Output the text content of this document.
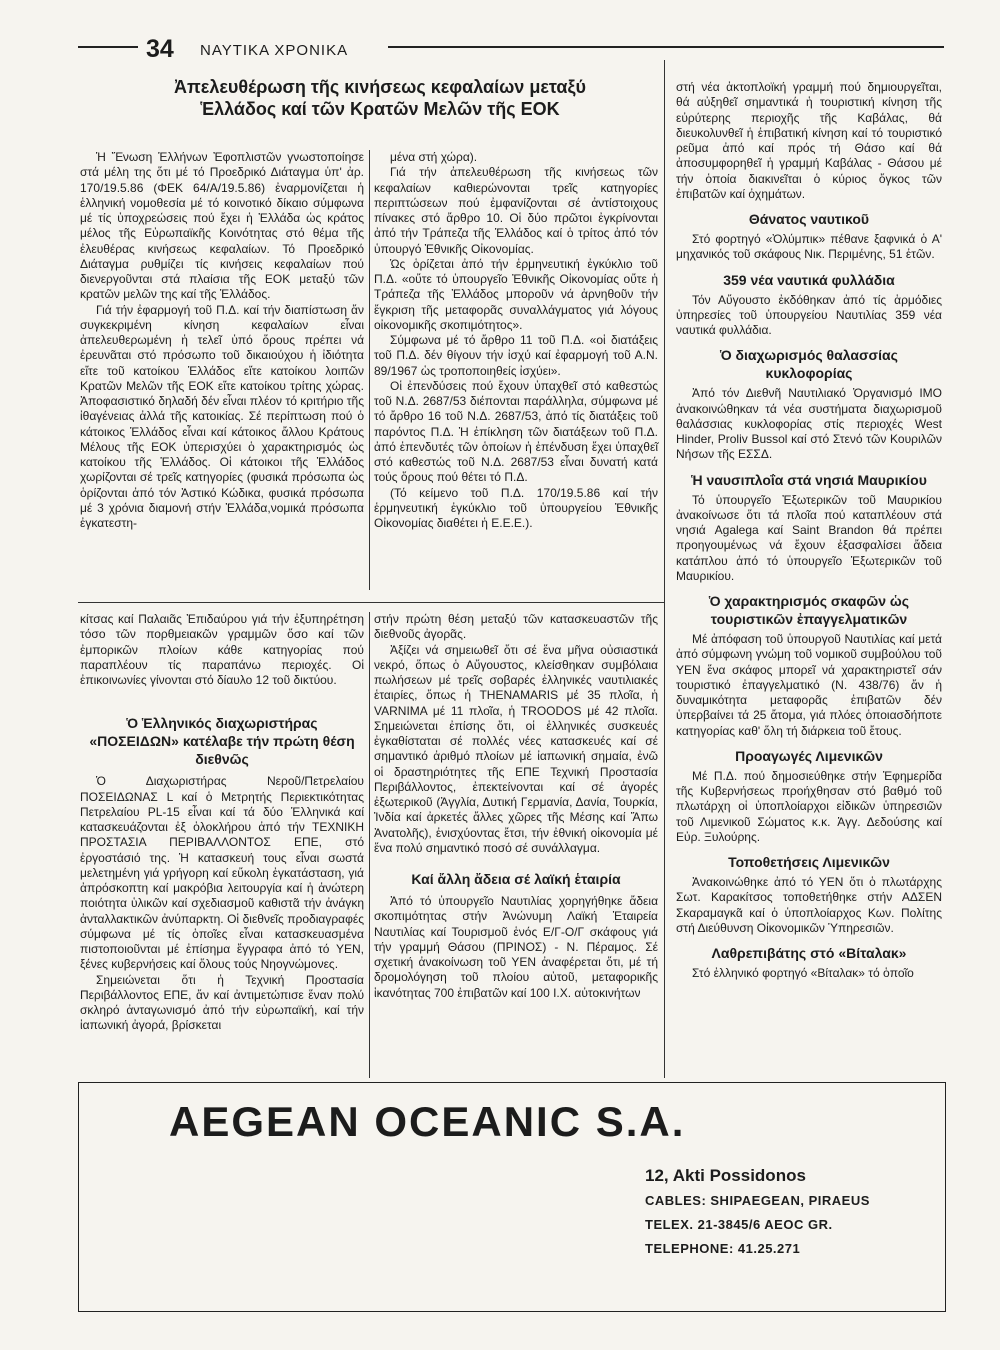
34 ΝΑΥΤΙΚΑ ΧΡΟΝΙΚΑ
Ἀπελευθέρωση τῆς κινήσεως κεφαλαίων μεταξύ Ἑλλάδος καί τῶν Κρατῶν Μελῶν τῆς ΕΟΚ

Ἡ Ἕνωση Ἑλλήνων Ἐφοπλιστῶν γνωστοποίησε στά μέλη της ὅτι μέ τό Προεδρικό Διάταγμα ὑπ' ἀρ. 170/19.5.86 (ΦΕΚ 64/Α/19.5.86) ἐναρμονίζεται ἡ ἑλληνική νομοθεσία μέ τό κοινοτικό δίκαιο σύμφωνα μέ τίς ὑποχρεώσεις πού ἔχει ἡ Ἑλλάδα ὡς κράτος μέλος τῆς Εὐρωπαϊκῆς Κοινότητας στό θέμα τῆς ἐλευθέρας κινήσεως κεφαλαίων. Τό Προεδρικό Διάταγμα ρυθμίζει τίς κινήσεις κεφαλαίων πού διενεργοῦνται στά πλαίσια τῆς ΕΟΚ μεταξύ τῶν κρατῶν μελῶν της καί τῆς Ἑλλάδος.

Γιά τήν ἐφαρμογή τοῦ Π.Δ. καί τήν διαπίστωση ἄν συγκεκριμένη κίνηση κεφαλαίων εἶναι ἀπελευθερωμένη ἡ τελεῖ ὑπό ὅρους πρέπει νά ἐρευνᾶται στό πρόσωπο τοῦ δικαιούχου ἡ ἰδιότητα εἴτε τοῦ κατοίκου Ἑλλάδος εἴτε κατοίκου λοιπῶν Κρατῶν Μελῶν τῆς ΕΟΚ εἴτε κατοίκου τρίτης χώρας. Ἀποφασιστικό δηλαδή δέν εἶναι πλέον τό κριτήριο τῆς ἰθαγένειας ἀλλά τῆς κατοικίας. Σέ περίπτωση πού ὁ κάτοικος Ἑλλάδος εἶναι καί κάτοικος ἄλλου Κράτους Μέλους τῆς ΕΟΚ ὑπερισχύει ὁ χαρακτηρισμός ὡς κατοίκου τῆς Ἑλλάδος. Οἱ κάτοικοι τῆς Ἑλλάδος χωρίζονται σέ τρεῖς κατηγορίες (φυσικά πρόσωπα ὡς ὁρίζονται ἀπό τόν Ἀστικό Κώδικα, φυσικά πρόσωπα μέ 3 χρόνια διαμονή στήν Ἑλλάδα,νομικά πρόσωπα ἐγκατεστη-

μένα στή χώρα).

Γιά τήν ἀπελευθέρωση τῆς κινήσεως τῶν κεφαλαίων καθιερώνονται τρεῖς κατηγορίες περιπτώσεων πού ἐμφανίζονται σέ ἀντίστοιχους πίνακες στό ἄρθρο 10. Οἱ δύο πρῶτοι ἐγκρίνονται ἀπό τήν Τράπεζα τῆς Ἑλλάδος καί ὁ τρίτος ἀπό τόν ὑπουργό Ἐθνικῆς Οἰκονομίας.

Ὡς ὁρίζεται ἀπό τήν ἑρμηνευτική ἐγκύκλιο τοῦ Π.Δ. «οὔτε τό ὑπουργεῖο Ἐθνικῆς Οἰκονομίας οὔτε ἡ Τράπεζα τῆς Ἑλλάδος μποροῦν νά ἀρνηθοῦν τήν ἔγκριση τῆς μεταφορᾶς συναλλάγματος γιά λόγους οἰκονομικῆς σκοπιμότητος».

Σύμφωνα μέ τό ἄρθρο 11 τοῦ Π.Δ. «οἱ διατάξεις τοῦ Π.Δ. δέν θίγουν τήν ἰσχύ καί ἐφαρμογή τοῦ Α.Ν. 89/1967 ὡς τροποποιηθείς ἰσχύει».

Οἱ ἐπενδύσεις πού ἔχουν ὑπαχθεῖ στό καθεστώς τοῦ Ν.Δ. 2687/53 διέπονται παράλληλα, σύμφωνα μέ τό ἄρθρο 16 τοῦ Ν.Δ. 2687/53, ἀπό τίς διατάξεις τοῦ παρόντος Π.Δ. Ἡ ἐπίκληση τῶν διατάξεων τοῦ Π.Δ. ἀπό ἐπενδυτές τῶν ὁποίων ἡ ἐπένδυση ἔχει ὑπαχθεῖ στό καθεστώς τοῦ Ν.Δ. 2687/53 εἶναι δυνατή κατά τούς ὅρους πού θέτει τό Π.Δ.

(Τό κείμενο τοῦ Π.Δ. 170/19.5.86 καί τήν ἑρμηνευτική ἐγκύκλιο τοῦ ὑπουργείου Ἐθνικῆς Οἰκονομίας διαθέτει ἡ Ε.Ε.Ε.).

κίτσας καί Παλαιᾶς Ἐπιδαύρου γιά τήν ἐξυπηρέτηση τόσο τῶν πορθμειακῶν γραμμῶν ὅσο καί τῶν ἐμπορικῶν πλοίων κάθε κατηγορίας πού παραπλέουν τίς παραπάνω περιοχές. Οἱ ἐπικοινωνίες γίνονται στό δίαυλο 12 τοῦ δικτύου.

Ὁ Ἑλληνικός διαχωριστήρας «ΠΟΣΕΙΔΩΝ» κατέλαβε τήν πρώτη θέση διεθνῶς

Ὁ Διαχωριστήρας Νεροῦ/Πετρελαίου ΠΟΣΕΙΔΩΝΑΣ L καί ὁ Μετρητής Περιεκτικότητας Πετρελαίου PL-15 εἶναι καί τά δύο Ἑλληνικά καί κατασκευάζονται ἐξ ὁλοκλήρου ἀπό τήν ΤΕΧΝΙΚΗ ΠΡΟΣΤΑΣΙΑ ΠΕΡΙΒΑΛΛΟΝΤΟΣ ΕΠΕ, στό ἐργοστάσιό της. Ἡ κατασκευή τους εἶναι σωστά μελετημένη γιά γρήγορη καί εὔκολη ἐγκατάσταση, γιά ἀπρόσκοπτη καί μακρόβια λειτουργία καί ἡ ἀνώτερη ποιότητα ὑλικῶν καί σχεδιασμοῦ καθιστᾶ τήν ἀνάγκη ἀνταλλακτικῶν ἀνύπαρκτη. Οἱ διεθνεῖς προδιαγραφές σύμφωνα μέ τίς ὁποῖες εἶναι κατασκευασμένα πιστοποιοῦνται μέ ἐπίσημα ἔγγραφα ἀπό τό ΥΕΝ, ξένες κυβερνήσεις καί ὅλους τούς Νηογνώμονες.

Σημειώνεται ὅτι ἡ Τεχνική Προστασία Περιβάλλοντος ΕΠΕ, ἄν καί ἀντιμετώπισε ἕναν πολύ σκληρό ἀνταγωνισμό ἀπό τήν εὐρωπαϊκή, καί τήν ἰαπωνική ἀγορά, βρίσκεται

στήν πρώτη θέση μεταξύ τῶν κατασκευαστῶν τῆς διεθνοῦς ἀγορᾶς.

Ἀξίζει νά σημειωθεῖ ὅτι σέ ἕνα μῆνα οὐσιαστικά νεκρό, ὅπως ὁ Αὔγουστος, κλείσθηκαν συμβόλαια πωλήσεων μέ τρεῖς σοβαρές ἑλληνικές ναυτιλιακές ἑταιρίες, ὅπως ἡ THENAMARIS μέ 35 πλοῖα, ἡ VARNIMA μέ 11 πλοῖα, ἡ TROODOS μέ 42 πλοῖα. Σημειώνεται ἐπίσης ὅτι, οἱ ἑλληνικές συσκευές ἐγκαθίσταται σέ πολλές νέες κατασκευές καί σέ σημαντικό ἀριθμό πλοίων μέ ἰαπωνική σημαία, ἐνῶ οἱ δραστηριότητες τῆς ΕΠΕ Τεχνική Προστασία Περιβάλλοντος, ἐπεκτείνονται καί σέ ἀγορές ἐξωτερικοῦ (Ἀγγλία, Δυτική Γερμανία, Δανία, Τουρκία, Ἰνδία καί ἀρκετές ἄλλες χῶρες τῆς Μέσης καί Ἄπω Ἀνατολῆς), ἐνισχύοντας ἔτσι, τήν ἐθνική οἰκονομία μέ ἕνα πολύ σημαντικό ποσό σέ συνάλλαγμα.

Καί ἄλλη ἄδεια σέ λαϊκή ἑταιρία

Ἀπό τό ὑπουργεῖο Ναυτιλίας χορηγήθηκε ἄδεια σκοπιμότητας στήν Ἀνώνυμη Λαϊκή Ἑταιρεία Ναυτιλίας καί Τουρισμοῦ ἑνός Ε/Γ-Ο/Γ σκάφους γιά τήν γραμμή Θάσου (ΠΡΙΝΟΣ) - Ν. Πέραμος. Σέ σχετική ἀνακοίνωση τοῦ ΥΕΝ ἀναφέρεται ὅτι, μέ τή δρομολόγηση τοῦ πλοίου αὐτοῦ, μεταφορικῆς ἱκανότητας 700 ἐπιβατῶν καί 100 Ι.Χ. αὐτοκινήτων

στή νέα ἀκτοπλοϊκή γραμμή πού δημιουργεῖται, θά αὐξηθεῖ σημαντικά ἡ τουριστική κίνηση τῆς εὐρύτερης περιοχῆς τῆς Καβάλας, θά διευκολυνθεῖ ἡ ἐπιβατική κίνηση καί τό τουριστικό ρεῦμα ἀπό καί πρός τή Θάσο καί θά ἀποσυμφορηθεῖ ἡ γραμμή Καβάλας - Θάσου μέ τήν ὁποία διακινεῖται ὁ κύριος ὄγκος τῶν ἐπιβατῶν καί ὀχημάτων.

Θάνατος ναυτικοῦ

Στό φορτηγό «Ὀλύμπικ» πέθανε ξαφνικά ὁ Α' μηχανικός τοῦ σκάφους Νικ. Περιμένης, 51 ἐτῶν.

359 νέα ναυτικά φυλλάδια

Τόν Αὔγουστο ἐκδόθηκαν ἀπό τίς ἁρμόδιες ὑπηρεσίες τοῦ ὑπουργείου Ναυτιλίας 359 νέα ναυτικά φυλλάδια.

Ὁ διαχωρισμός θαλασσίας κυκλοφορίας

Ἀπό τόν Διεθνῆ Ναυτιλιακό Ὀργανισμό ΙΜΟ ἀνακοινώθηκαν τά νέα συστήματα διαχωρισμοῦ θαλάσσιας κυκλοφορίας στίς περιοχές West Hinder, Proliv Bussol καί στό Στενό τῶν Κουριλῶν Νήσων τῆς ΕΣΣΔ.

Ἡ ναυσιπλοΐα στά νησιά Μαυρικίου

Τό ὑπουργεῖο Ἐξωτερικῶν τοῦ Μαυρικίου ἀνακοίνωσε ὅτι τά πλοῖα πού καταπλέουν στά νησιά Agalega καί Saint Brandon θά πρέπει προηγουμένως νά ἔχουν ἐξασφαλίσει ἄδεια κατάπλου ἀπό τό ὑπουργεῖο Ἐξωτερικῶν τοῦ Μαυρικίου.

Ὁ χαρακτηρισμός σκαφῶν ὡς τουριστικῶν ἐπαγγελματικῶν

Μέ ἀπόφαση τοῦ ὑπουργοῦ Ναυτιλίας καί μετά ἀπό σύμφωνη γνώμη τοῦ νομικοῦ συμβούλου τοῦ ΥΕΝ ἕνα σκάφος μπορεῖ νά χαρακτηριστεῖ σάν τουριστικό ἐπαγγελματικό (Ν. 438/76) ἄν ἡ δυναμικότητα μεταφορᾶς ἐπιβατῶν δέν ὑπερβαίνει τά 25 ἄτομα, γιά πλόες ὁποιασδήποτε κατηγορίας καθ' ὅλη τή διάρκεια τοῦ ἔτους.

Προαγωγές Λιμενικῶν

Μέ Π.Δ. πού δημοσιεύθηκε στήν Ἐφημερίδα τῆς Κυβερνήσεως προήχθησαν στό βαθμό τοῦ πλωτάρχη οἱ ὑποπλοίαρχοι εἰδικῶν ὑπηρεσιῶν τοῦ Λιμενικοῦ Σώματος κ.κ. Ἀγγ. Δεδούσης καί Εὐρ. Ξυλούρης.

Τοποθετήσεις Λιμενικῶν

Ἀνακοινώθηκε ἀπό τό ΥΕΝ ὅτι ὁ πλωτάρχης Σωτ. Καρακίτσος τοποθετήθηκε στήν ΑΔΣΕΝ Σκαραμαγκᾶ καί ὁ ὑποπλοίαρχος Κων. Πολίτης στή Διεύθυνση Οἰκονομικῶν Ὑπηρεσιῶν.

Λαθρεπιβάτης στό «Βίταλακ»

Στό ἑλληνικό φορτηγό «Βίταλακ» τό ὁποῖο

AEGEAN OCEANIC S.A.
12, Akti Possidonos
CABLES: SHIPAEGEAN, PIRAEUS
TELEX. 21-3845/6 AEOC GR.
TELEPHONE: 41.25.271
